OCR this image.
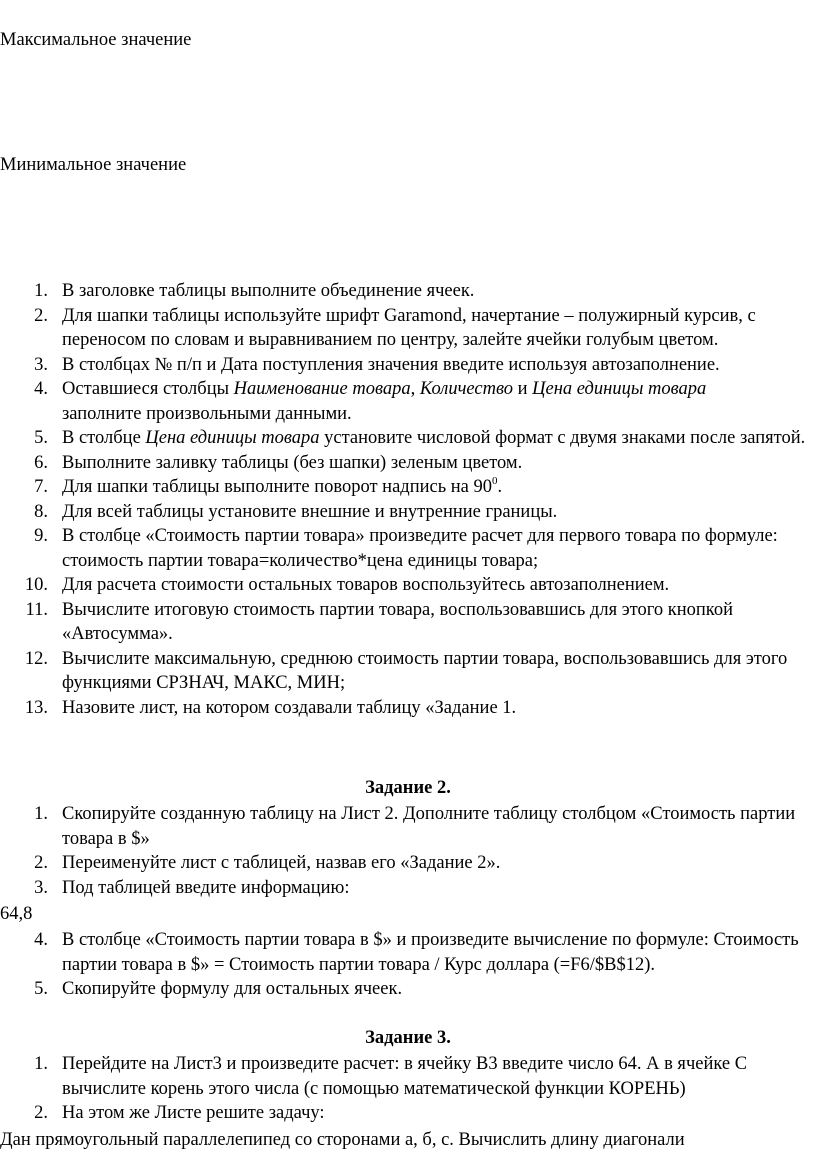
Максимальное значение
Минимальное значение
1. В заголовке таблицы выполните объединение ячеек.
2. Для шапки таблицы используйте шрифт Garamond, начертание – полужирный курсив, с переносом по словам и выравниванием по центру, залейте ячейки голубым цветом.
3. В столбцах № п/п и Дата поступления значения введите используя автозаполнение.
4. Оставшиеся столбцы Наименование товара, Количество и Цена единицы товара заполните произвольными данными.
5. В столбце Цена единицы товара установите числовой формат с двумя знаками после запятой.
6. Выполните заливку таблицы (без шапки) зеленым цветом.
7. Для шапки таблицы выполните поворот надпись на $90^0$.
8. Для всей таблицы установите внешние и внутренние границы.
9. В столбце «Стоимость партии товара» произведите расчет для первого товара по формуле: стоимость партии товара=количество*цена единицы товара;
10. Для расчета стоимости остальных товаров воспользуйтесь автозаполнением.
11. Вычислите итоговую стоимость партии товара, воспользовавшись для этого кнопкой «Автосумма».
12. Вычислите максимальную, среднюю стоимость партии товара, воспользовавшись для этого функциями СРЗНАЧ, МАКС, МИН;
13. Назовите лист, на котором создавали таблицу «Задание 1.
Задание 2.
1. Скопируйте созданную таблицу на Лист 2. Дополните таблицу столбцом «Стоимость партии товара в $»
2. Переименуйте лист с таблицей, назвав его «Задание 2».
3. Под таблицей введите информацию:
64,8
4. В столбце «Стоимость партии товара в $» и произведите вычисление по формуле: Стоимость партии товара в $» = Стоимость партии товара / Курс доллара (=F6/$B$12).
5. Скопируйте формулу для остальных ячеек.
Задание 3.
1. Перейдите на Лист3 и произведите расчет: в ячейку В3 введите число 64. А в ячейке С вычислите корень этого числа (с помощью математической функции КОРЕНЬ)
2. На этом же Листе решите задачу:
Дан прямоугольный параллелепипед со сторонами а, б, с. Вычислить длину диагонали
